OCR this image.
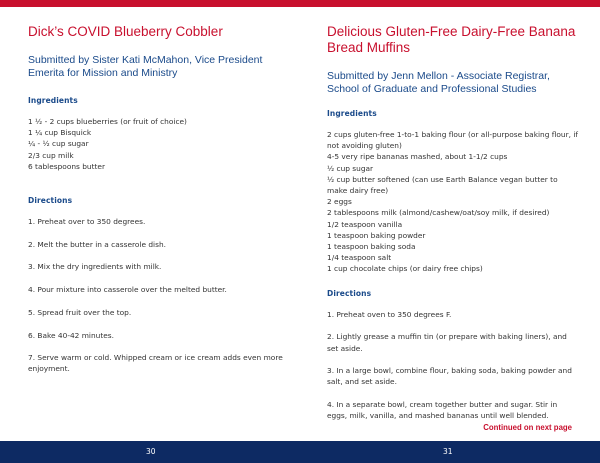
Dick’s COVID Blueberry Cobbler
Submitted by Sister Kati McMahon, Vice President Emerita for Mission and Ministry
Ingredients

1 ½ - 2 cups blueberries (or fruit of choice)

1 ¼ cup Bisquick

¼ - ½ cup sugar

2/3 cup milk

6 tablespoons butter

Directions

1. Preheat over to 350 degrees.

2. Melt the butter in a casserole dish.

3. Mix the dry ingredients with milk.

4. Pour mixture into casserole over the melted butter.

5. Spread fruit over the top.

6. Bake 40-42 minutes.

7. Serve warm or cold. Whipped cream or ice cream adds even more enjoyment.

Delicious Gluten-Free Dairy-Free Banana Bread Muffins
Submitted by Jenn Mellon - Associate Registrar, School of Graduate and Professional Studies
Ingredients

2 cups gluten-free 1-to-1 baking flour (or all-purpose baking flour, if not avoiding gluten)

4-5 very ripe bananas mashed, about 1-1/2 cups

½ cup sugar

½ cup butter softened (can use Earth Balance vegan butter to make dairy free)

2 eggs

2 tablespoons milk (almond/cashew/oat/soy milk, if desired)

1/2 teaspoon vanilla

1 teaspoon baking powder

1 teaspoon baking soda

1/4 teaspoon salt

1 cup chocolate chips (or dairy free chips)

Directions

1. Preheat oven to 350 degrees F.

2. Lightly grease a muffin tin (or prepare with baking liners), and set aside.

3. In a large bowl, combine flour, baking soda, baking powder and salt, and set aside.

4. In a separate bowl, cream together butter and sugar. Stir in eggs, milk, vanilla, and mashed bananas until well blended.

Continued on next page
30	31
